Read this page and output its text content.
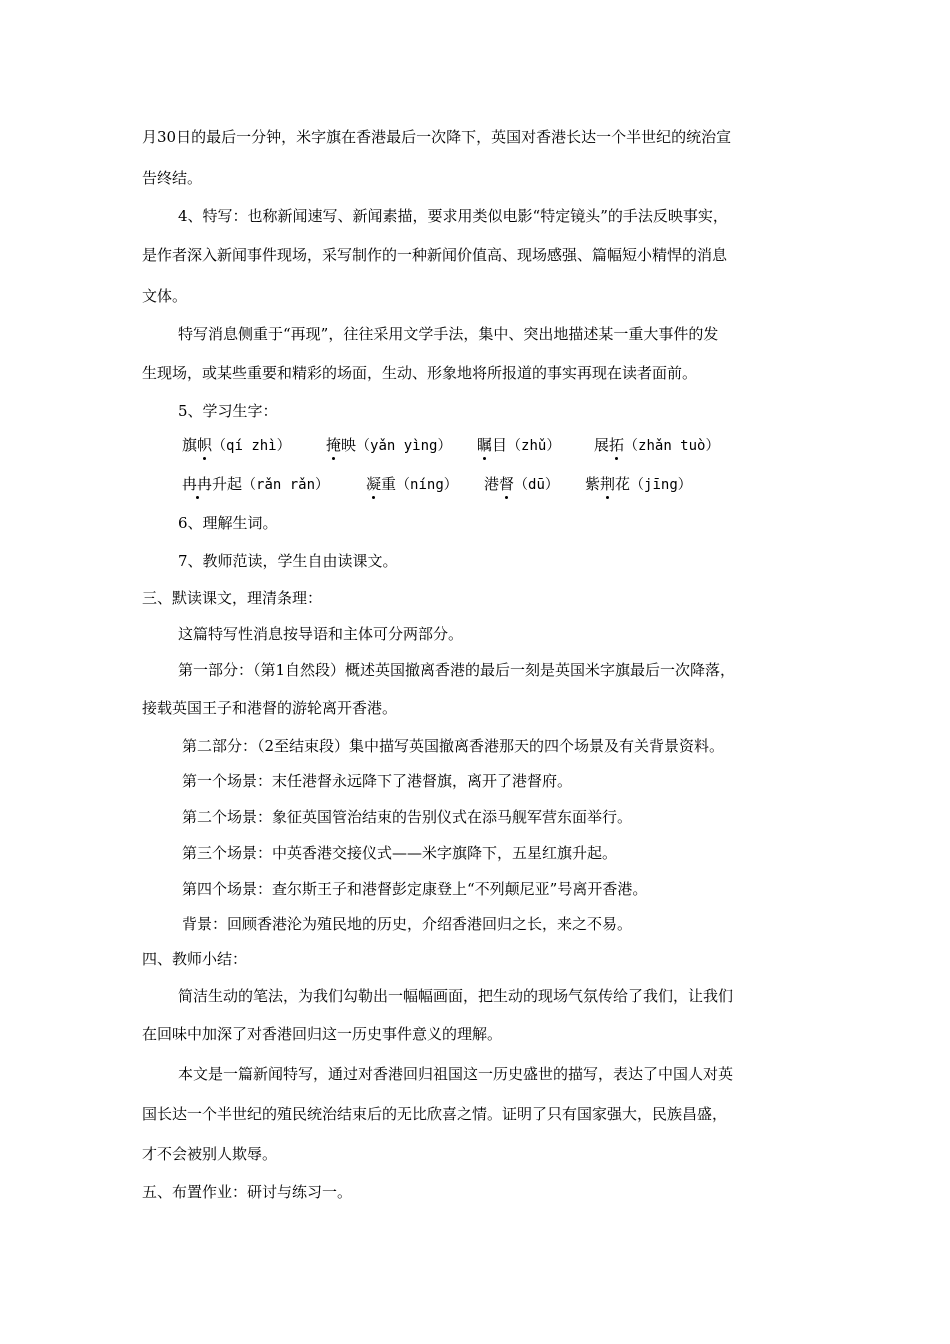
月30日的最后一分钟，米字旗在香港最后一次降下，英国对香港长达一个半世纪的统治宣
告终结。
4、特写：也称新闻速写、新闻素描，要求用类似电影“特定镜头”的手法反映事实，
是作者深入新闻事件现场，采写制作的一种新闻价值高、现场感强、篇幅短小精悍的消息
文体。
特写消息侧重于“再现”，往往采用文学手法，集中、突出地描述某一重大事件的发
生现场，或某些重要和精彩的场面，生动、形象地将所报道的事实再现在读者面前。
5、学习生字：
旗帜（qí zhì） 掩映（yǎn yìng） 瞩目（zhǔ） 展拓（zhǎn tuò）
冉冉升起（rǎn rǎn） 凝重（níng） 港督（dū） 紫荆花（jīng）
6、理解生词。
7、教师范读，学生自由读课文。
三、默读课文，理清条理：
这篇特写性消息按导语和主体可分两部分。
第一部分：（第1自然段）概述英国撤离香港的最后一刻是英国米字旗最后一次降落，
接载英国王子和港督的游轮离开香港。
第二部分：（2至结束段）集中描写英国撤离香港那天的四个场景及有关背景资料。
第一个场景：末任港督永远降下了港督旗，离开了港督府。
第二个场景：象征英国管治结束的告别仪式在添马舰军营东面举行。
第三个场景：中英香港交接仪式——米字旗降下，五星红旗升起。
第四个场景：查尔斯王子和港督彭定康登上“不列颠尼亚”号离开香港。
背景：回顾香港沦为殖民地的历史，介绍香港回归之长，来之不易。
四、教师小结：
简洁生动的笔法，为我们勾勒出一幅幅画面，把生动的现场气氛传给了我们，让我们
在回味中加深了对香港回归这一历史事件意义的理解。
本文是一篇新闻特写，通过对香港回归祖国这一历史盛世的描写，表达了中国人对英
国长达一个半世纪的殖民统治结束后的无比欣喜之情。证明了只有国家强大，民族昌盛，
才不会被别人欺辱。
五、布置作业：研讨与练习一。
